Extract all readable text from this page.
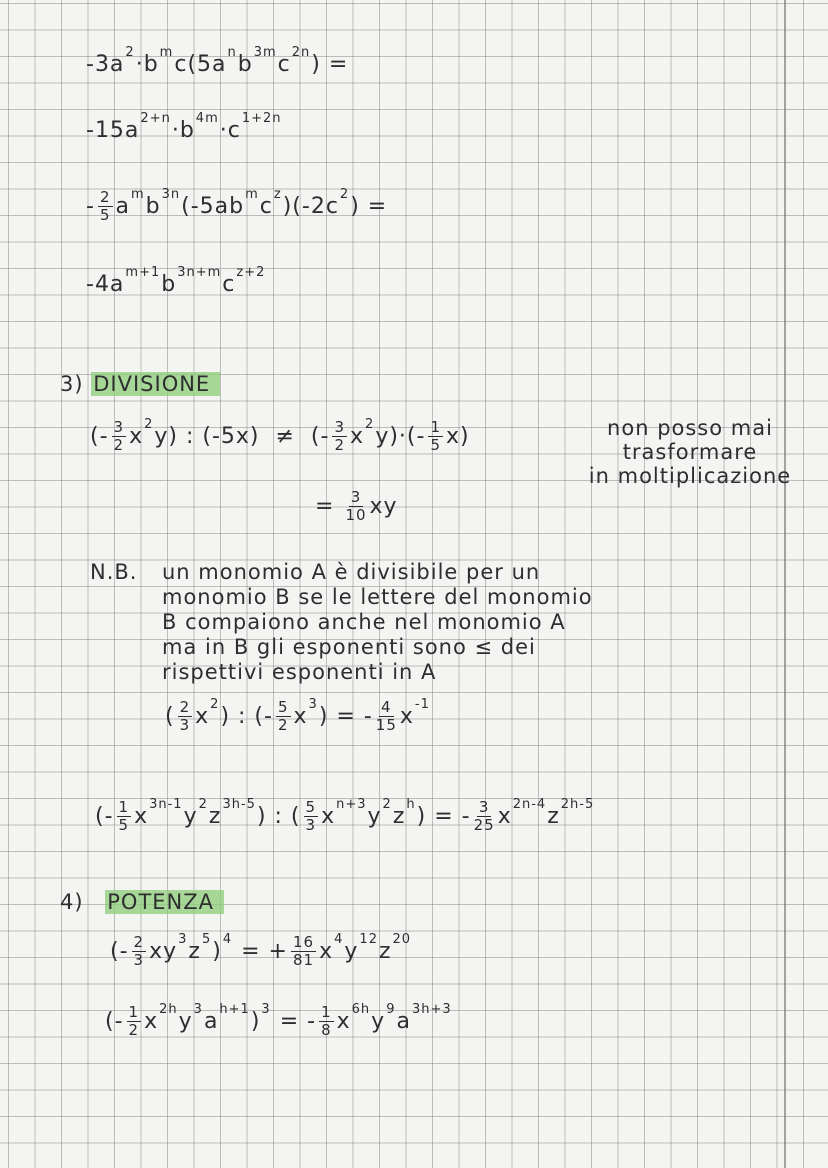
-3a 2 ·b m c(5a n b 3m c 2n ) =
-15a 2+n ·b 4m ·c 1+2n
- $\frac{2}{5}$ a m b 3n (-5ab m c z )(-2c 2 ) =
-4a m+1 b 3n+m c z+2
3) DIVISIONE
(- $\frac{3}{2}$ x 2 y) : (-5x)  ≠  (- $\frac{3}{2}$ x 2 $y)\cdot(- \frac{1}{5} x)$	non posso mai
trasformare
in moltiplicazione
= $\frac{3}{10}$ xy
N.B. un monomio A è divisibile per un
monomio B se le lettere del monomio
B compaiono anche nel monomio A
ma in B gli esponenti sono ≤ dei
rispettivi esponenti in A
( $\frac{2}{3}$ x 2 ) : (- $\frac{5}{2}$ x 3 ) = - $\frac{4}{15}$ x -1
(- $\frac{1}{5}$ x 3n-1 y 2 z 3h-5 ) : ( $\frac{5}{3}$ x n+3 y 2 z h ) = - $\frac{3}{25}$ x 2n-4 z 2h-5
4) POTENZA
(- $\frac{2}{3}$ xy 3 z 5 ) 4 = + $\frac{16}{81}$ x 4 y 12 z 20
(- $\frac{1}{2}$ x 2h y 3 a h+1 ) 3 = - $\frac{1}{8}$ x 6h y 9 a 3h+3
